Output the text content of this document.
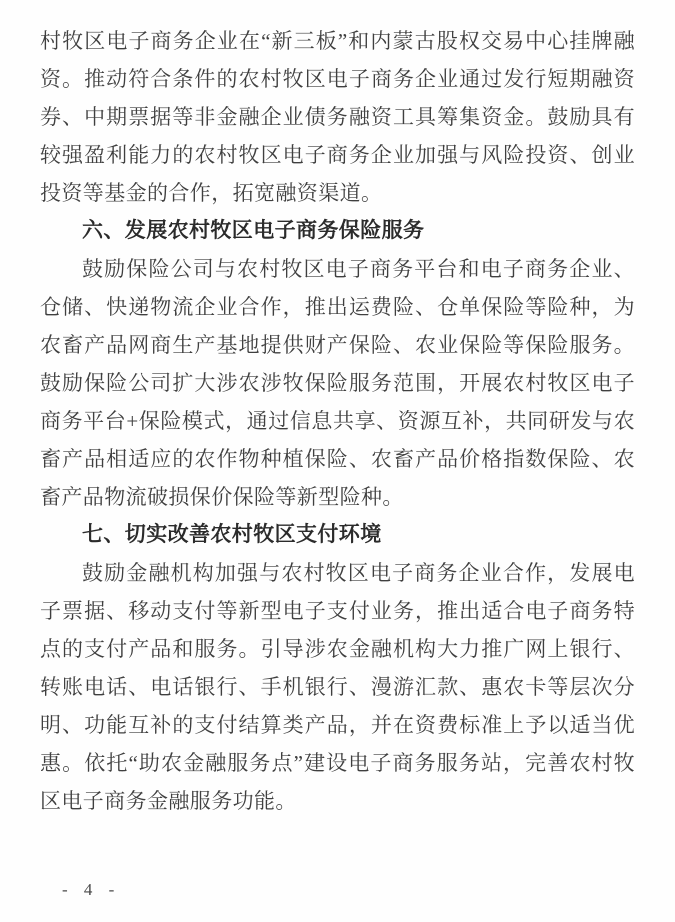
村牧区电子商务企业在“新三板”和内蒙古股权交易中心挂牌融资。推动符合条件的农村牧区电子商务企业通过发行短期融资券、中期票据等非金融企业债务融资工具筹集资金。鼓励具有较强盈利能力的农村牧区电子商务企业加强与风险投资、创业投资等基金的合作，拓宽融资渠道。

六、发展农村牧区电子商务保险服务

鼓励保险公司与农村牧区电子商务平台和电子商务企业、仓储、快递物流企业合作，推出运费险、仓单保险等险种，为农畜产品网商生产基地提供财产保险、农业保险等保险服务。鼓励保险公司扩大涉农涉牧保险服务范围，开展农村牧区电子商务平台+保险模式，通过信息共享、资源互补，共同研发与农畜产品相适应的农作物种植保险、农畜产品价格指数保险、农畜产品物流破损保价保险等新型险种。

七、切实改善农村牧区支付环境

鼓励金融机构加强与农村牧区电子商务企业合作，发展电子票据、移动支付等新型电子支付业务，推出适合电子商务特点的支付产品和服务。引导涉农金融机构大力推广网上银行、转账电话、电话银行、手机银行、漫游汇款、惠农卡等层次分明、功能互补的支付结算类产品，并在资费标准上予以适当优惠。依托“助农金融服务点”建设电子商务服务站，完善农村牧区电子商务金融服务功能。

- 4 -
